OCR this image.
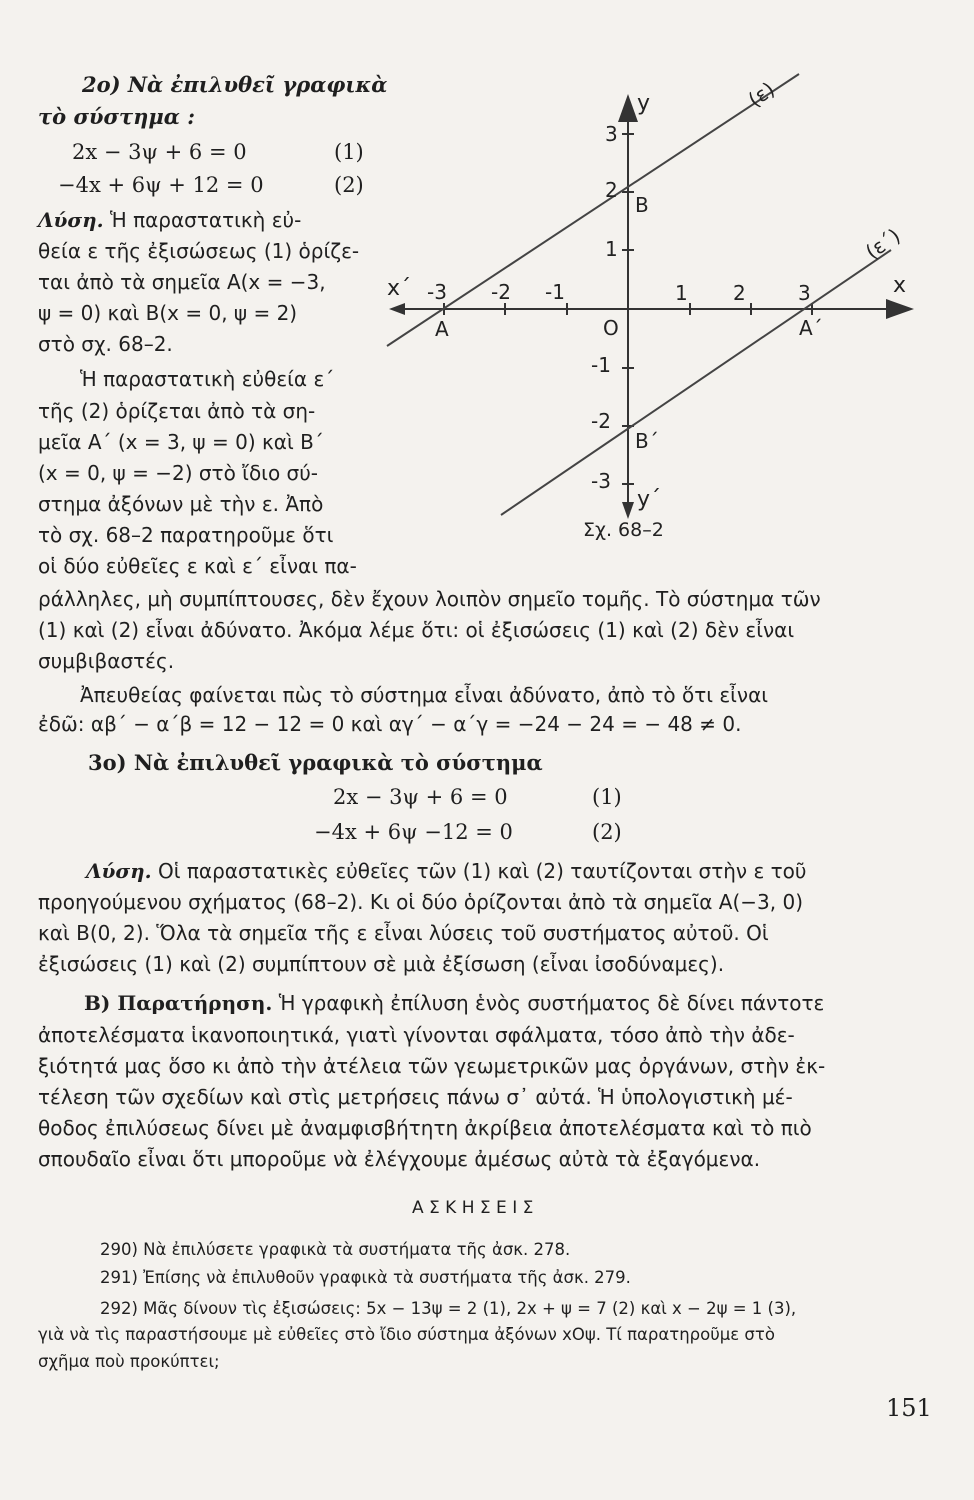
2ο) Νὰ ἐπιλυθεῖ γραφικὰ
τὸ σύστημα :
2x − 3ψ + 6 = 0	(1)
−4x + 6ψ + 12 = 0	(2)
Λύση. Ἡ παραστατικὴ εὐ-
θεία ε τῆς ἐξισώσεως (1) ὁρίζε-
ται ἀπὸ τὰ σημεῖα A(x = −3,
ψ = 0) καὶ B(x = 0, ψ = 2)
στὸ σχ. 68–2.
Ἡ παραστατικὴ εὐθεία ε΄
τῆς (2) ὁρίζεται ἀπὸ τὰ ση-
μεῖα A΄ (x = 3, ψ = 0) καὶ B΄
(x = 0, ψ = −2) στὸ ἴδιο σύ-
στημα ἀξόνων μὲ τὴν ε. Ἀπὸ
τὸ σχ. 68–2 παρατηροῦμε ὅτι
οἱ δύο εὐθεῖες ε καὶ ε΄ εἶναι πα-
ράλληλες, μὴ συμπίπτουσες, δὲν ἔχουν λοιπὸν σημεῖο τομῆς. Τὸ σύστημα τῶν
(1) καὶ (2) εἶναι ἀδύνατο. Ἀκόμα λέμε ὅτι: οἱ ἐξισώσεις (1) καὶ (2) δὲν εἶναι
συμβιβαστές.
Ἀπευθείας φαίνεται πὼς τὸ σύστημα εἶναι ἀδύνατο, ἀπὸ τὸ ὅτι εἶναι
ἐδῶ: αβ΄ − α΄β = 12 − 12 = 0 καὶ αγ΄ − α΄γ = −24 − 24 = − 48 ≠ 0.
x
x΄
y
y΄
O
-3 -2 -1	1 2	3
3
2
1
-1
-2
-3
A
B
A΄
B΄
(ε)
(ε΄)
Σχ. 68–2
3ο) Νὰ ἐπιλυθεῖ γραφικὰ τὸ σύστημα
2x − 3ψ + 6 = 0	(1)
−4x + 6ψ −12 = 0	(2)
Λύση. Οἱ παραστατικὲς εὐθεῖες τῶν (1) καὶ (2) ταυτίζονται στὴν ε τοῦ
προηγούμενου σχήματος (68–2). Κι οἱ δύο ὁρίζονται ἀπὸ τὰ σημεῖα A(−3, 0)
καὶ B(0, 2). Ὅλα τὰ σημεῖα τῆς ε εἶναι λύσεις τοῦ συστήματος αὐτοῦ. Οἱ
ἐξισώσεις (1) καὶ (2) συμπίπτουν σὲ μιὰ ἐξίσωση (εἶναι ἰσοδύναμες).
Β) Παρατήρηση. Ἡ γραφικὴ ἐπίλυση ἑνὸς συστήματος δὲ δίνει πάντοτε
ἀποτελέσματα ἱκανοποιητικά, γιατὶ γίνονται σφάλματα, τόσο ἀπὸ τὴν ἀδε-
ξιότητά μας ὅσο κι ἀπὸ τὴν ἀτέλεια τῶν γεωμετρικῶν μας ὀργάνων, στὴν ἐκ-
τέλεση τῶν σχεδίων καὶ στὶς μετρήσεις πάνω σ᾽ αὐτά. Ἡ ὑπολογιστικὴ μέ-
θοδος ἐπιλύσεως δίνει μὲ ἀναμφισβήτητη ἀκρίβεια ἀποτελέσματα καὶ τὸ πιὸ
σπουδαῖο εἶναι ὅτι μποροῦμε νὰ ἐλέγχουμε ἀμέσως αὐτὰ τὰ ἐξαγόμενα.
Α Σ Κ Η Σ Ε Ι Σ
290) Νὰ ἐπιλύσετε γραφικὰ τὰ συστήματα τῆς ἀσκ. 278.
291) Ἐπίσης νὰ ἐπιλυθοῦν γραφικὰ τὰ συστήματα τῆς ἀσκ. 279.
292) Μᾶς δίνουν τὶς ἐξισώσεις: 5x − 13ψ = 2 (1), 2x + ψ = 7 (2) καὶ x − 2ψ = 1 (3),
γιὰ νὰ τὶς παραστήσουμε μὲ εὐθεῖες στὸ ἴδιο σύστημα ἀξόνων xOψ. Τί παρατηροῦμε στὸ
σχῆμα ποὺ προκύπτει;
151
